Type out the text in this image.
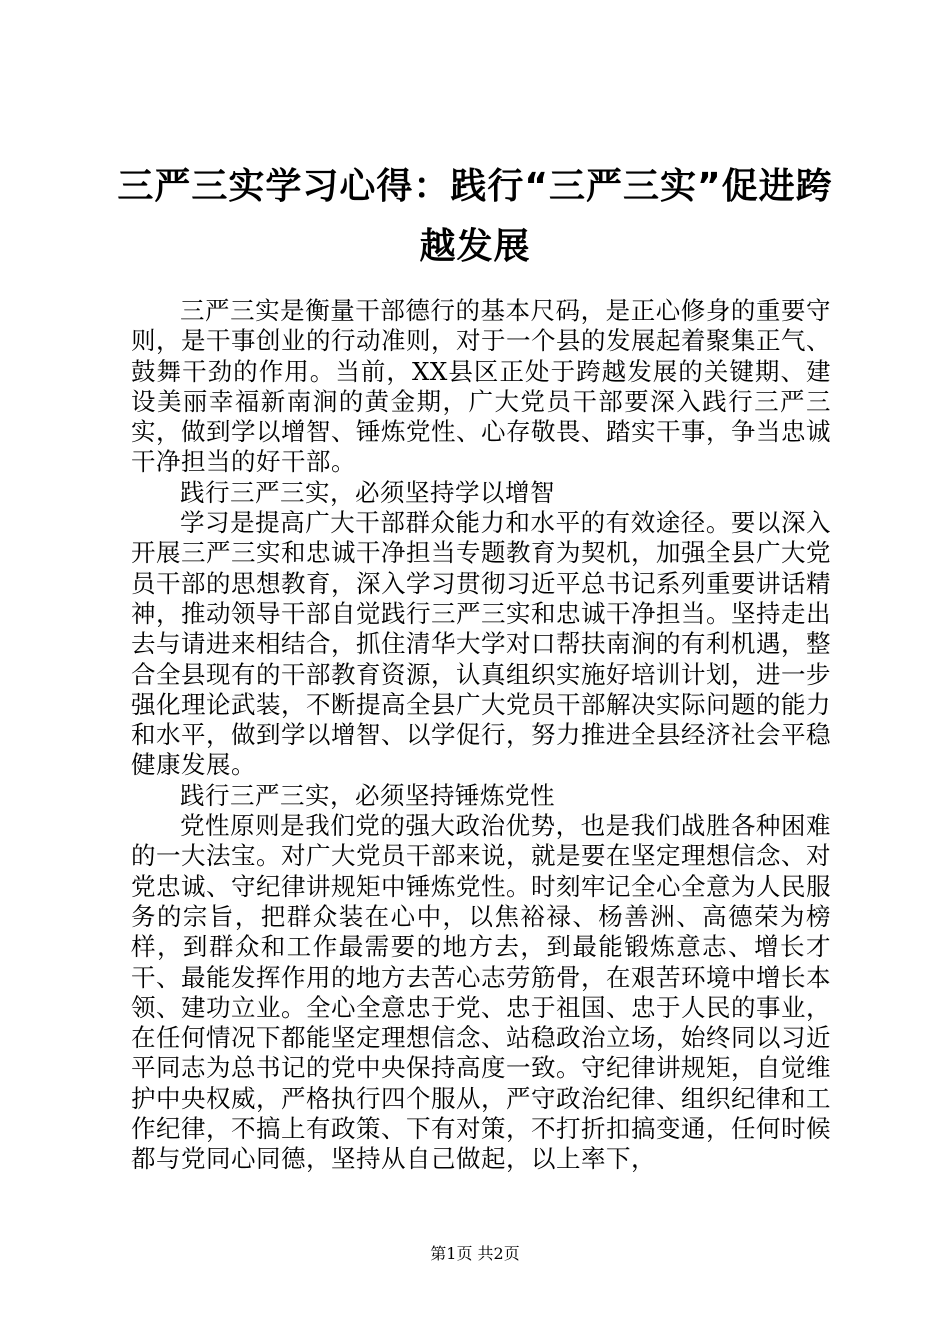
三严三实学习心得：践行“三严三实”促进跨越发展

三严三实是衡量干部德行的基本尺码，是正心修身的重要守则，是干事创业的行动准则，对于一个县的发展起着聚集正气、鼓舞干劲的作用。当前，XX县区正处于跨越发展的关键期、建设美丽幸福新南涧的黄金期，广大党员干部要深入践行三严三实，做到学以增智、锤炼党性、心存敬畏、踏实干事，争当忠诚干净担当的好干部。

践行三严三实，必须坚持学以增智

学习是提高广大干部群众能力和水平的有效途径。要以深入开展三严三实和忠诚干净担当专题教育为契机，加强全县广大党员干部的思想教育，深入学习贯彻习近平总书记系列重要讲话精神，推动领导干部自觉践行三严三实和忠诚干净担当。坚持走出去与请进来相结合，抓住清华大学对口帮扶南涧的有利机遇，整合全县现有的干部教育资源，认真组织实施好培训计划，进一步强化理论武装，不断提高全县广大党员干部解决实际问题的能力和水平，做到学以增智、以学促行，努力推进全县经济社会平稳健康发展。

践行三严三实，必须坚持锤炼党性

党性原则是我们党的强大政治优势，也是我们战胜各种困难的一大法宝。对广大党员干部来说，就是要在坚定理想信念、对党忠诚、守纪律讲规矩中锤炼党性。时刻牢记全心全意为人民服务的宗旨，把群众装在心中，以焦裕禄、杨善洲、高德荣为榜样，到群众和工作最需要的地方去，到最能锻炼意志、增长才干、最能发挥作用的地方去苦心志劳筋骨，在艰苦环境中增长本领、建功立业。全心全意忠于党、忠于祖国、忠于人民的事业，在任何情况下都能坚定理想信念、站稳政治立场，始终同以习近平同志为总书记的党中央保持高度一致。守纪律讲规矩，自觉维护中央权威，严格执行四个服从，严守政治纪律、组织纪律和工作纪律，不搞上有政策、下有对策，不打折扣搞变通，任何时候都与党同心同德，坚持从自己做起，以上率下，

第1页 共2页
